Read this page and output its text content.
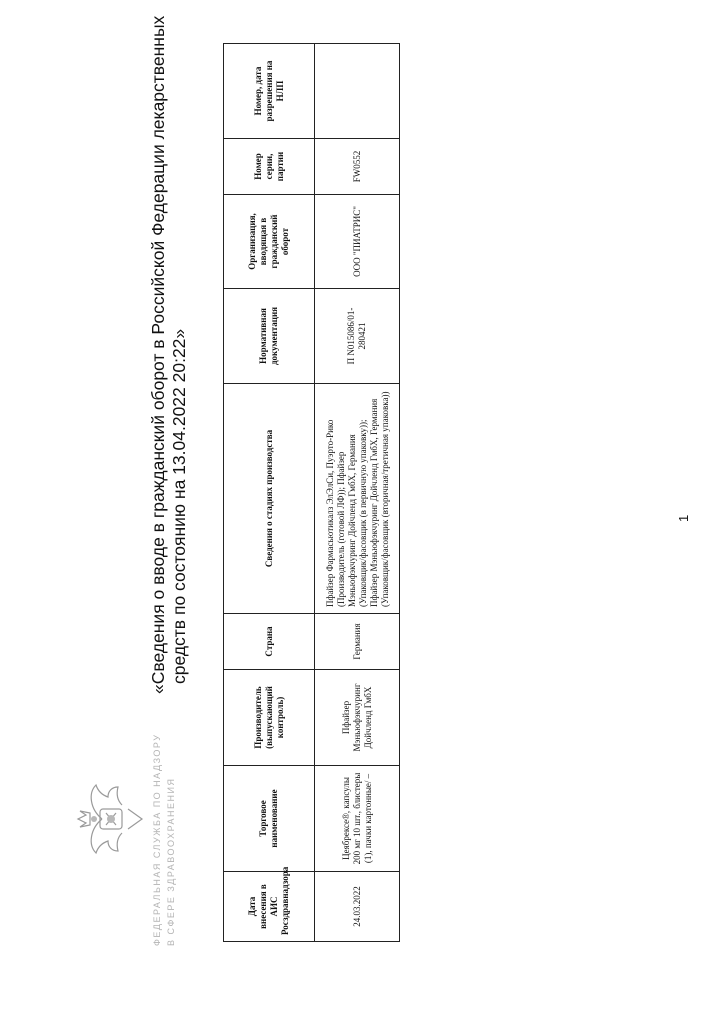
ФЕДЕРАЛЬНАЯ СЛУЖБА ПО НАДЗОРУ В СФЕРЕ ЗДРАВООХРАНЕНИЯ
«Сведения о вводе в гражданский оборот в Российской Федерации лекарственных средств по состоянию на 13.04.2022 20:22»
Дата внесения в АИС Росздравнадзора	Торговое наименование	Производитель (выпускающий контроль)	Страна	Сведения о стадиях производства	Нормативная документация	Организация, вводящая в гражданский оборот	Номер серии, партии	Номер, дата разрешения на НЛП
24.03.2022	Цеябрексе®, капсулы 200 мг 10 шт., блистеры (1), пачки картонные/ –	Пфайзер Мэньюфэкчуринг Дойчленд ГмбХ	Германия	Пфайзер Фармасьютикалз ЭлЭлСи, Пуэрто-Рико (Производитель (готовой ЛФ)); Пфайзер Мэньюфэкчуринг Дойчленд ГмбХ, Германия (Упаковщик/фасовщик (в первичную упаковку)); Пфайзер Мэньюфэкчуринг Дойчленд ГмбХ, Германия (Упаковщик/фасовщик (вторичная/третичная упаковка))	П N015086/01-280421	ООО "ПИАТРИС"	FW0552	
1
